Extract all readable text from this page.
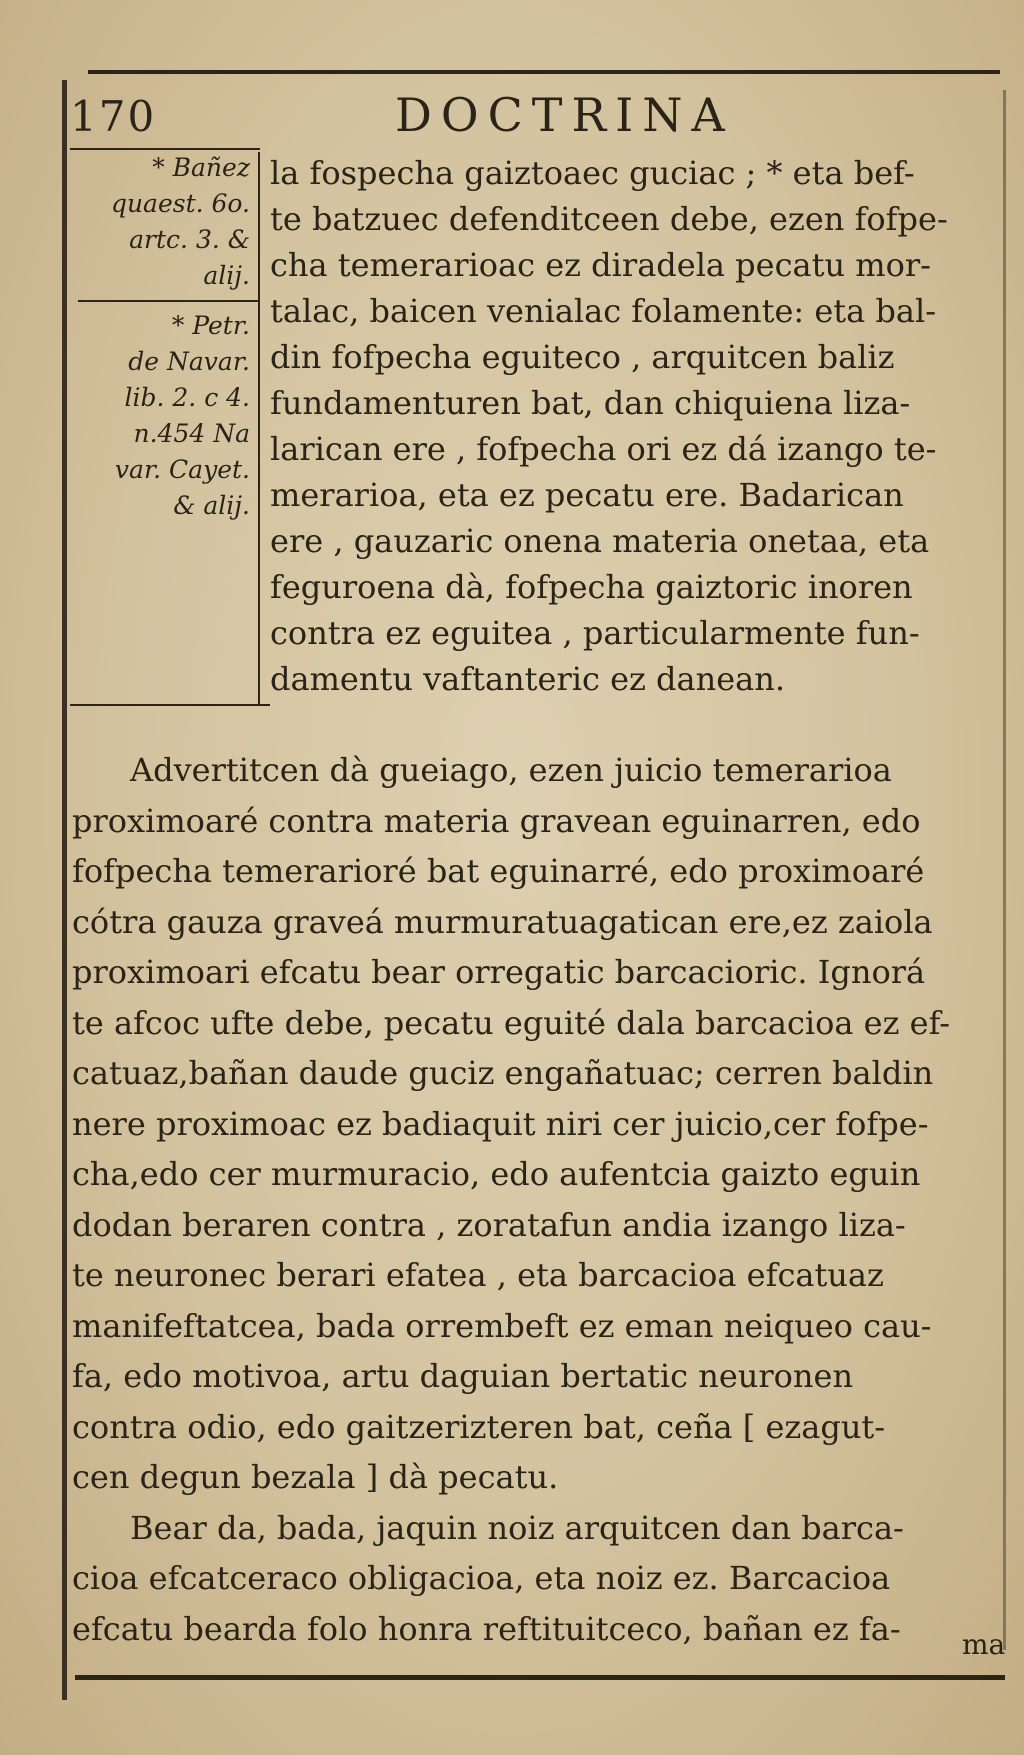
170	DOCTRINA
* Bañez
quaest. 6o.
artc. 3. &
alij.
* Petr.
de Navar.
lib. 2. c 4.
n.454 Na
var. Cayet.
& alij.
la fospecha gaiztoaec guciac ; * eta bef-
te batzuec defenditceen debe, ezen fofpe-
cha temerarioac ez diradela pecatu mor-
talac, baicen venialac folamente: eta bal-
din fofpecha eguiteco , arquitcen baliz
fundamenturen bat, dan chiquiena liza-
larican ere , fofpecha ori ez dá izango te-
merarioa, eta ez pecatu ere. Badarican
ere , gauzaric onena materia onetaa, eta
feguroena dà, fofpecha gaiztoric inoren
contra ez eguitea , particularmente fun-
damentu vaftanteric ez danean.
Advertitcen dà gueiago, ezen juicio temerarioa
proximoaré contra materia gravean eguinarren, edo
fofpecha temerarioré bat eguinarré, edo proximoaré
cótra gauza graveá murmuratuagatican ere,ez zaiola
proximoari efcatu bear orregatic barcacioric. Ignorá
te afcoc ufte debe, pecatu eguité dala barcacioa ez ef-
catuaz,bañan daude guciz engañatuac; cerren baldin
nere proximoac ez badiaquit niri cer juicio,cer fofpe-
cha,edo cer murmuracio, edo aufentcia gaizto eguin
dodan beraren contra , zoratafun andia izango liza-
te neuronec berari efatea , eta barcacioa efcatuaz
manifeftatcea, bada orrembeft ez eman neiqueo cau-
fa, edo motivoa, artu daguian bertatic neuronen
contra odio, edo gaitzerizteren bat, ceña [ ezagut-
cen degun bezala ] dà pecatu.
Bear da, bada, jaquin noiz arquitcen dan barca-
cioa efcatceraco obligacioa, eta noiz ez. Barcacioa
efcatu bearda folo honra reftituitceco, bañan ez fa-	ma
